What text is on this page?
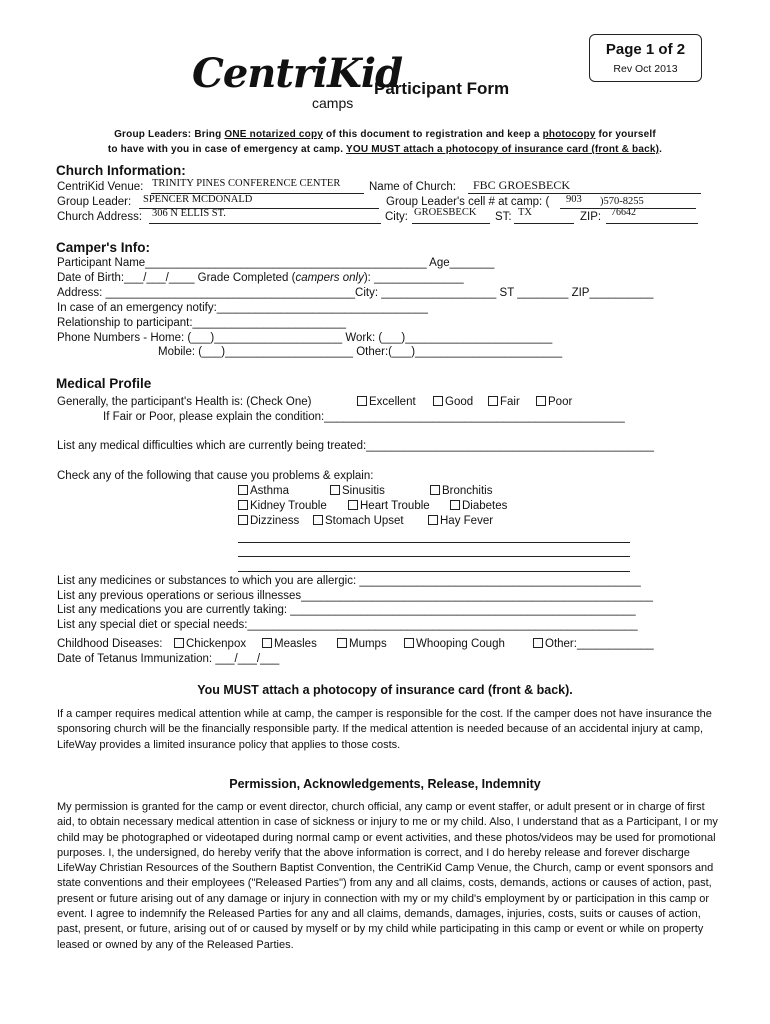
CentriKid
camps
Participant Form
Page 1 of 2
Rev Oct 2013
Group Leaders: Bring ONE notarized copy of this document to registration and keep a photocopy for yourself
to have with you in case of emergency at camp. YOU MUST attach a photocopy of insurance card (front & back).
Church Information:
CentriKid Venue: TRINITY PINES CONFERENCE CENTER Name of Church: FBC GROESBECK
Group Leader: SPENCER MCDONALD	Group Leader's cell # at camp: ( 903 )570-8255
Church Address: 306 N ELLIS ST.	City: GROESBECK ST: TX	ZIP: 76642
Camper's Info:
Participant Name____________________________________________ Age_______
Date of Birth:___/___/____ Grade Completed (campers only): ______________
Address: _______________________________________City: __________________ ST ________ ZIP__________
In case of an emergency notify:_________________________________
Relationship to participant:________________________
Phone Numbers - Home: (___)____________________ Work: (___)_______________________
Mobile: (___)____________________ Other:(___)_______________________
Medical Profile
Generally, the participant's Health is: (Check One)	Excellent	Good	Fair	Poor
If Fair or Poor, please explain the condition:_______________________________________________
List any medical difficulties which are currently being treated:_____________________________________________
Check any of the following that cause you problems & explain:
Asthma	Sinusitis	Bronchitis
Kidney Trouble	Heart Trouble	Diabetes
Dizziness	Stomach Upset	Hay Fever
List any medicines or substances to which you are allergic: ____________________________________________
List any previous operations or serious illnesses_______________________________________________________
List any medications you are currently taking: ______________________________________________________
List any special diet or special needs:_____________________________________________________________
Childhood Diseases:	Chickenpox	Measles	Mumps	Whooping Cough	Other:____________
Date of Tetanus Immunization: ___/___/___
You MUST attach a photocopy of insurance card (front & back).
If a camper requires medical attention while at camp, the camper is responsible for the cost. If the camper does not have insurance the sponsoring church will be the financially responsible party. If the medical attention is needed because of an accidental injury at camp, LifeWay provides a limited insurance policy that applies to those costs.
Permission, Acknowledgements, Release, Indemnity
My permission is granted for the camp or event director, church official, any camp or event staffer, or adult present or in charge of first aid, to obtain necessary medical attention in case of sickness or injury to me or my child. Also, I understand that as a Participant, I or my child may be photographed or videotaped during normal camp or event activities, and these photos/videos may be used for promotional purposes. I, the undersigned, do hereby verify that the above information is correct, and I do hereby release and forever discharge LifeWay Christian Resources of the Southern Baptist Convention, the CentriKid Camp Venue, the Church, camp or event sponsors and state conventions and their employees ("Released Parties") from any and all claims, costs, demands, actions or causes of action, past, present or future arising out of any damage or injury in connection with my or my child's employment by or participation in this camp or event. I agree to indemnify the Released Parties for any and all claims, demands, damages, injuries, costs, suits or causes of action, past, present, or future, arising out of or caused by myself or by my child while participating in this camp or event or while on property leased or owned by any of the Released Parties.
